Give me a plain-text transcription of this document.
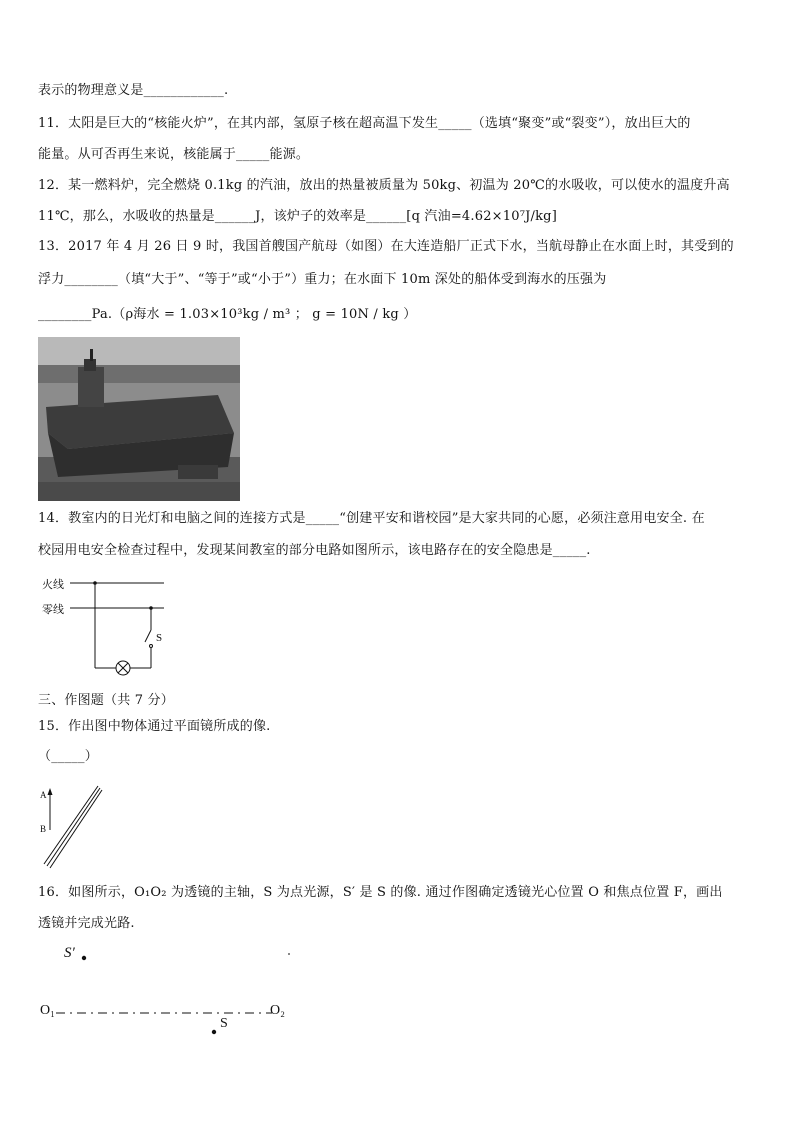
表示的物理意义是____________.
11．太阳是巨大的“核能火炉”，在其内部，氢原子核在超高温下发生_____（选填“聚变”或“裂变”），放出巨大的
能量。从可否再生来说，核能属于_____能源。
12．某一燃料炉，完全燃烧 0.1kg 的汽油，放出的热量被质量为 50kg、初温为 20℃的水吸收，可以使水的温度升高
11℃，那么，水吸收的热量是______J，该炉子的效率是______[q 汽油=4.62×10⁷J/kg]
13．2017 年 4 月 26 日 9 时，我国首艘国产航母（如图）在大连造船厂正式下水，当航母静止在水面上时，其受到的
浮力________（填“大于”、“等于”或“小于”）重力；在水面下 10m 深处的船体受到海水的压强为
________Pa.（ρ海水 = 1.03×10³kg / m³ ； g = 10N / kg ）
14．教室内的日光灯和电脑之间的连接方式是_____“创建平安和谐校园”是大家共同的心愿，必须注意用电安全. 在
校园用电安全检查过程中，发现某间教室的部分电路如图所示，该电路存在的安全隐患是_____.
火线
零线
S
三、作图题（共 7 分）
15．作出图中物体通过平面镜所成的像.
（_____）
A
B
16．如图所示，O₁O₂ 为透镜的主轴，S 为点光源，S′ 是 S 的像. 通过作图确定透镜光心位置 O 和焦点位置 F，画出
透镜并完成光路.
S′
O₁	O₂
S
